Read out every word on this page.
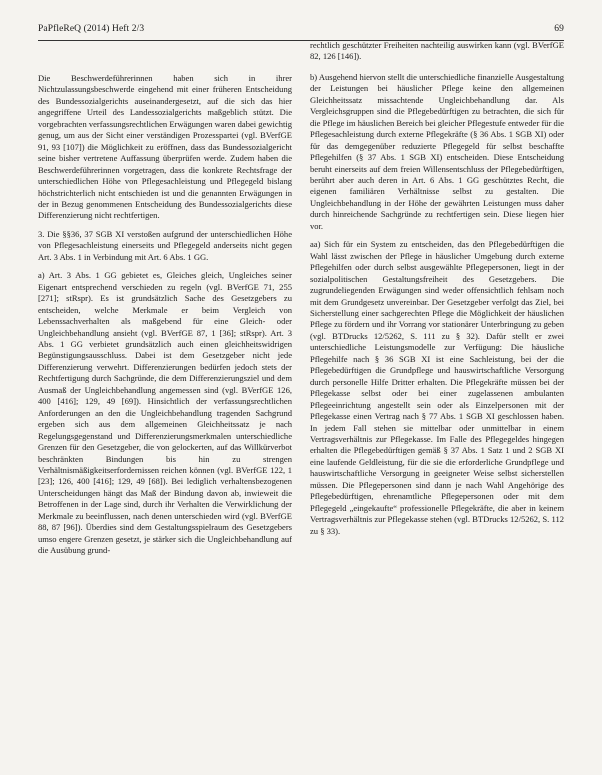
PaPfleReQ (2014) Heft 2/3	69

Die Beschwerdeführerinnen haben sich in ihrer Nichtzulassungsbeschwerde eingehend mit einer früheren Entscheidung des Bundessozialgerichts auseinandergesetzt, auf die sich das hier angegriffene Urteil des Landessozialgerichts maßgeblich stützt. Die vorgebrachten verfassungsrechtlichen Erwägungen waren dabei gewichtig genug, um aus der Sicht einer verständigen Prozesspartei (vgl. BVerfGE 91, 93 [107]) die Möglichkeit zu eröffnen, dass das Bundessozialgericht seine bisher vertretene Auffassung überprüfen werde. Zudem haben die Beschwerdeführerinnen vorgetragen, dass die konkrete Rechtsfrage der unterschiedlichen Höhe von Pflegesachleistung und Pflegegeld bislang höchstrichterlich nicht entschieden ist und die genannten Erwägungen in der in Bezug genommenen Entscheidung des Bundessozialgerichts diese Differenzierung nicht rechtfertigen.

3. Die §§36, 37 SGB XI verstoßen aufgrund der unterschiedlichen Höhe von Pflegesachleistung einerseits und Pflegegeld anderseits nicht gegen Art. 3 Abs. 1 in Verbindung mit Art. 6 Abs. 1 GG.

a) Art. 3 Abs. 1 GG gebietet es, Gleiches gleich, Ungleiches seiner Eigenart entsprechend verschieden zu regeln (vgl. BVerfGE 71, 255 [271]; stRspr). Es ist grundsätzlich Sache des Gesetzgebers zu entscheiden, welche Merkmale er beim Vergleich von Lebenssachverhalten als maßgebend für eine Gleich- oder Ungleichbehandlung ansieht (vgl. BVerfGE 87, 1 [36]; stRspr). Art. 3 Abs. 1 GG verbietet grundsätzlich auch einen gleichheitswidrigen Begünstigungsausschluss. Dabei ist dem Gesetzgeber nicht jede Differenzierung verwehrt. Differenzierungen bedürfen jedoch stets der Rechtfertigung durch Sachgründe, die dem Differenzierungsziel und dem Ausmaß der Ungleichbehandlung angemessen sind (vgl. BVerfGE 126, 400 [416]; 129, 49 [69]). Hinsichtlich der verfassungsrechtlichen Anforderungen an den die Ungleichbehandlung tragenden Sachgrund ergeben sich aus dem allgemeinen Gleichheitssatz je nach Regelungsgegenstand und Differenzierungsmerkmalen unterschiedliche Grenzen für den Gesetzgeber, die von gelockerten, auf das Willkürverbot beschränkten Bindungen bis hin zu strengen Verhältnismäßigkeitserfordernissen reichen können (vgl. BVerfGE 122, 1 [23]; 126, 400 [416]; 129, 49 [68]). Bei lediglich verhaltensbezogenen Unterscheidungen hängt das Maß der Bindung davon ab, inwieweit die Betroffenen in der Lage sind, durch ihr Verhalten die Verwirklichung der Merkmale zu beeinflussen, nach denen unterschieden wird (vgl. BVerfGE 88, 87 [96]). Überdies sind dem Gestaltungsspielraum des Gesetzgebers umso engere Grenzen gesetzt, je stärker sich die Ungleichbehandlung auf die Ausübung grund-

rechtlich geschützter Freiheiten nachteilig auswirken kann (vgl. BVerfGE 82, 126 [146]).

b) Ausgehend hiervon stellt die unterschiedliche finanzielle Ausgestaltung der Leistungen bei häuslicher Pflege keine den allgemeinen Gleichheitssatz missachtende Ungleichbehandlung dar. Als Vergleichsgruppen sind die Pflegebedürftigen zu betrachten, die sich für die Pflege im häuslichen Bereich bei gleicher Pflegestufe entweder für die Pflegesachleistung durch externe Pflegekräfte (§ 36 Abs. 1 SGB XI) oder für das demgegenüber reduzierte Pflegegeld für selbst beschaffte Pflegehilfen (§ 37 Abs. 1 SGB XI) entscheiden. Diese Entscheidung beruht einerseits auf dem freien Willensentschluss der Pflegebedürftigen, berührt aber auch deren in Art. 6 Abs. 1 GG geschütztes Recht, die eigenen familiären Verhältnisse selbst zu gestalten. Die Ungleichbehandlung in der Höhe der gewährten Leistungen muss daher durch hinreichende Sachgründe zu rechtfertigen sein. Diese liegen hier vor.

aa) Sich für ein System zu entscheiden, das den Pflegebedürftigen die Wahl lässt zwischen der Pflege in häuslicher Umgebung durch externe Pflegehilfen oder durch selbst ausgewählte Pflegepersonen, liegt in der sozialpolitischen Gestaltungsfreiheit des Gesetzgebers. Die zugrundeliegenden Erwägungen sind weder offensichtlich fehlsam noch mit dem Grundgesetz unvereinbar. Der Gesetzgeber verfolgt das Ziel, bei Sicherstellung einer sachgerechten Pflege die Möglichkeit der häuslichen Pflege zu fördern und ihr Vorrang vor stationärer Unterbringung zu geben (vgl. BTDrucks 12/5262, S. 111 zu § 32). Dafür stellt er zwei unterschiedliche Leistungsmodelle zur Verfügung: Die häusliche Pflegehilfe nach § 36 SGB XI ist eine Sachleistung, bei der die Pflegebedürftigen die Grundpflege und hauswirtschaftliche Versorgung durch personelle Hilfe Dritter erhalten. Die Pflegekräfte müssen bei der Pflegekasse selbst oder bei einer zugelassenen ambulanten Pflegeeinrichtung angestellt sein oder als Einzelpersonen mit der Pflegekasse einen Vertrag nach § 77 Abs. 1 SGB XI geschlossen haben. In jedem Fall stehen sie mittelbar oder unmittelbar in einem Vertragsverhältnis zur Pflegekasse. Im Falle des Pflegegeldes hingegen erhalten die Pflegebedürftigen gemäß § 37 Abs. 1 Satz 1 und 2 SGB XI eine laufende Geldleistung, für die sie die erforderliche Grundpflege und hauswirtschaftliche Versorgung in geeigneter Weise selbst sicherstellen müssen. Die Pflegepersonen sind dann je nach Wahl Angehörige des Pflegebedürftigen, ehrenamtliche Pflegepersonen oder mit dem Pflegegeld „eingekaufte“ professionelle Pflegekräfte, die aber in keinem Vertragsverhältnis zur Pflegekasse stehen (vgl. BTDrucks 12/5262, S. 112 zu § 33).
